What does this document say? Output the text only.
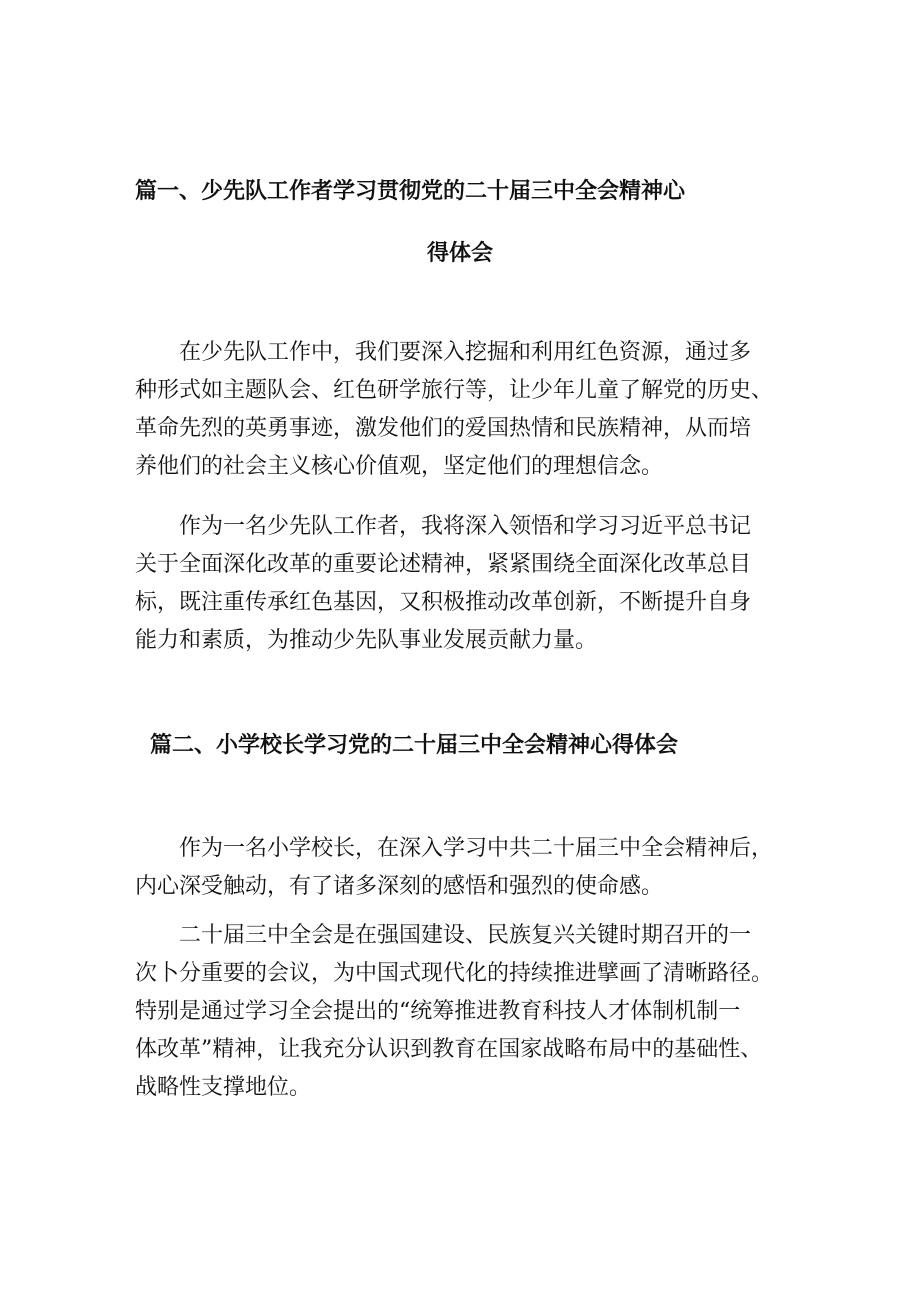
篇一、少先队工作者学习贯彻党的二十届三中全会精神心
得体会
在少先队工作中，我们要深入挖掘和利用红色资源，通过多
种形式如主题队会、红色研学旅行等，让少年儿童了解党的历史、
革命先烈的英勇事迹，激发他们的爱国热情和民族精神，从而培
养他们的社会主义核心价值观，坚定他们的理想信念。
作为一名少先队工作者，我将深入领悟和学习习近平总书记
关于全面深化改革的重要论述精神，紧紧围绕全面深化改革总目
标，既注重传承红色基因，又积极推动改革创新，不断提升自身
能力和素质，为推动少先队事业发展贡献力量。
篇二、小学校长学习党的二十届三中全会精神心得体会
作为一名小学校长，在深入学习中共二十届三中全会精神后，
内心深受触动，有了诸多深刻的感悟和强烈的使命感。
二十届三中全会是在强国建设、民族复兴关键时期召开的一
次卜分重要的会议，为中国式现代化的持续推进擘画了清晰路径。
特别是通过学习全会提出的“统筹推进教育科技人才体制机制一
体改革”精神，让我充分认识到教育在国家战略布局中的基础性、
战略性支撑地位。
